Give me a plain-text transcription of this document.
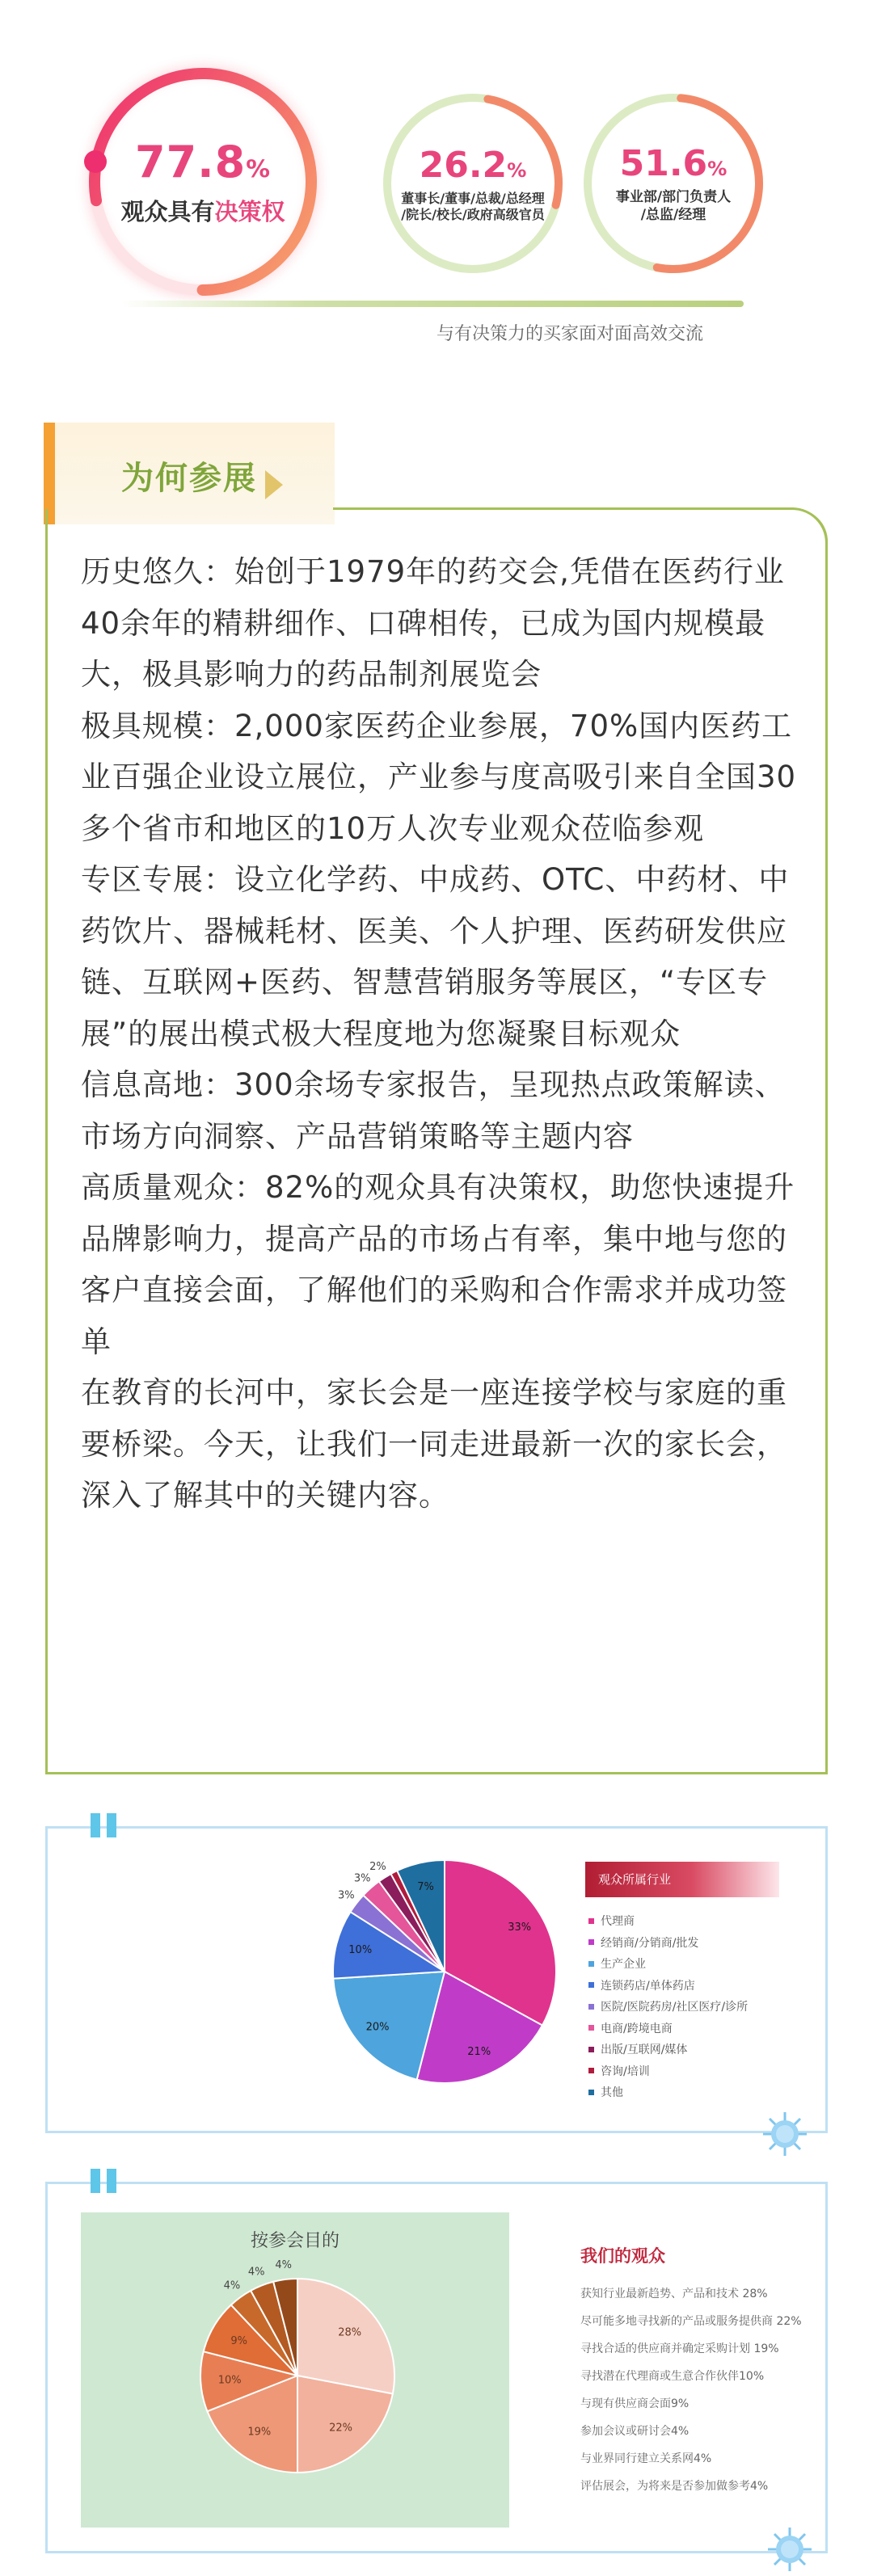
77.8%
观众具有决策权
26.2%
董事长/董事/总裁/总经理
/院长/校长/政府高级官员
51.6%
事业部/部门负责人
/总监/经理
与有决策力的买家面对面高效交流
为何参展

历史悠久：始创于1979年的药交会,凭借在医药行业40余年的精耕细作、口碑相传，已成为国内规模最大，极具影响力的药品制剂展览会

极具规模：2,000家医药企业参展，70%国内医药工业百强企业设立展位，产业参与度高吸引来自全国30多个省市和地区的10万人次专业观众莅临参观

专区专展：设立化学药、中成药、OTC、中药材、中药饮片、器械耗材、医美、个人护理、医药研发供应链、互联网+医药、智慧营销服务等展区，“专区专展”的展出模式极大程度地为您凝聚目标观众

信息高地：300余场专家报告，呈现热点政策解读、市场方向洞察、产品营销策略等主题内容

高质量观众：82%的观众具有决策权，助您快速提升品牌影响力，提高产品的市场占有率，集中地与您的客户直接会面，了解他们的采购和合作需求并成功签单

在教育的长河中，家长会是一座连接学校与家庭的重要桥梁。今天，让我们一同走进最新一次的家长会，深入了解其中的关键内容。

33%
21%
20%
10%
3%
3%
2%
7%
观众所属行业
代理商
经销商/分销商/批发
生产企业
连锁药店/单体药店
医院/医院药房/社区医疗/诊所
电商/跨境电商
出版/互联网/媒体
咨询/培训
其他
按参会目的
28%
22%
19%
10%
9%
4%
4%
4%	我们的观众
获知行业最新趋势、产品和技术 28%
尽可能多地寻找新的产品或服务提供商 22%
寻找合适的供应商并确定采购计划 19%
寻找潜在代理商或生意合作伙伴10%
与现有供应商会面9%
参加会议或研讨会4%
与业界同行建立关系网4%
评估展会，为将来是否参加做参考4%
